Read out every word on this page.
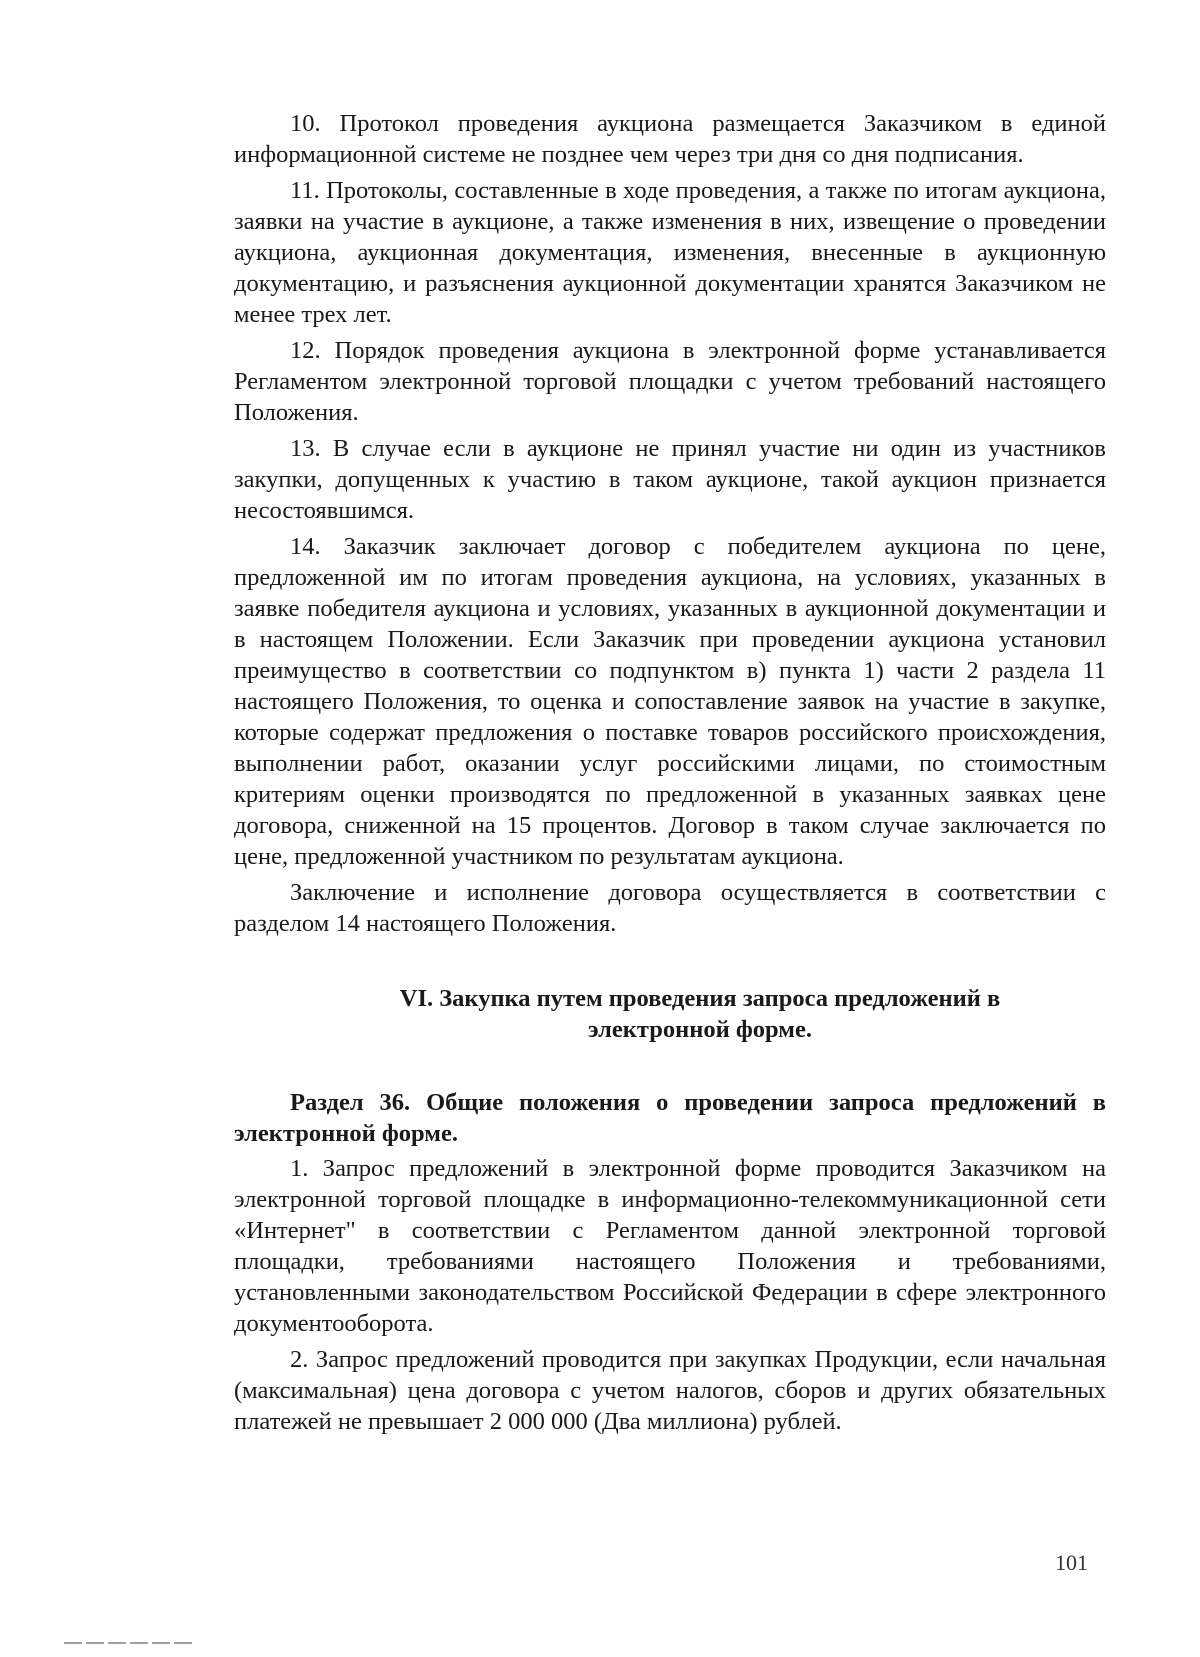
10. Протокол проведения аукциона размещается Заказчиком в единой информационной системе не позднее чем через три дня со дня подписания.

11. Протоколы, составленные в ходе проведения, а также по итогам аукциона, заявки на участие в аукционе, а также изменения в них, извещение о проведении аукциона, аукционная документация, изменения, внесенные в аукционную документацию, и разъяснения аукционной документации хранятся Заказчиком не менее трех лет.

12. Порядок проведения аукциона в электронной форме устанавливается Регламентом электронной торговой площадки с учетом требований настоящего Положения.

13. В случае если в аукционе не принял участие ни один из участников закупки, допущенных к участию в таком аукционе, такой аукцион признается несостоявшимся.

14. Заказчик заключает договор с победителем аукциона по цене, предложенной им по итогам проведения аукциона, на условиях, указанных в заявке победителя аукциона и условиях, указанных в аукционной документации и в настоящем Положении. Если Заказчик при проведении аукциона установил преимущество в соответствии со подпунктом в) пункта 1) части 2 раздела 11 настоящего Положения, то оценка и сопоставление заявок на участие в закупке, которые содержат предложения о поставке товаров российского происхождения, выполнении работ, оказании услуг российскими лицами, по стоимостным критериям оценки производятся по предложенной в указанных заявках цене договора, сниженной на 15 процентов. Договор в таком случае заключается по цене, предложенной участником по результатам аукциона.

Заключение и исполнение договора осуществляется в соответствии с разделом 14 настоящего Положения.

VI. Закупка путем проведения запроса предложений в
электронной форме.

Раздел 36. Общие положения о проведении запроса предложений в электронной форме.

1. Запрос предложений в электронной форме проводится Заказчиком на электронной торговой площадке в информационно-телекоммуникационной сети «Интернет" в соответствии с Регламентом данной электронной торговой площадки, требованиями настоящего Положения и требованиями, установленными законодательством Российской Федерации в сфере электронного документооборота.

2. Запрос предложений проводится при закупках Продукции, если начальная (максимальная) цена договора с учетом налогов, сборов и других обязательных платежей не превышает 2 000 000 (Два миллиона) рублей.

101
